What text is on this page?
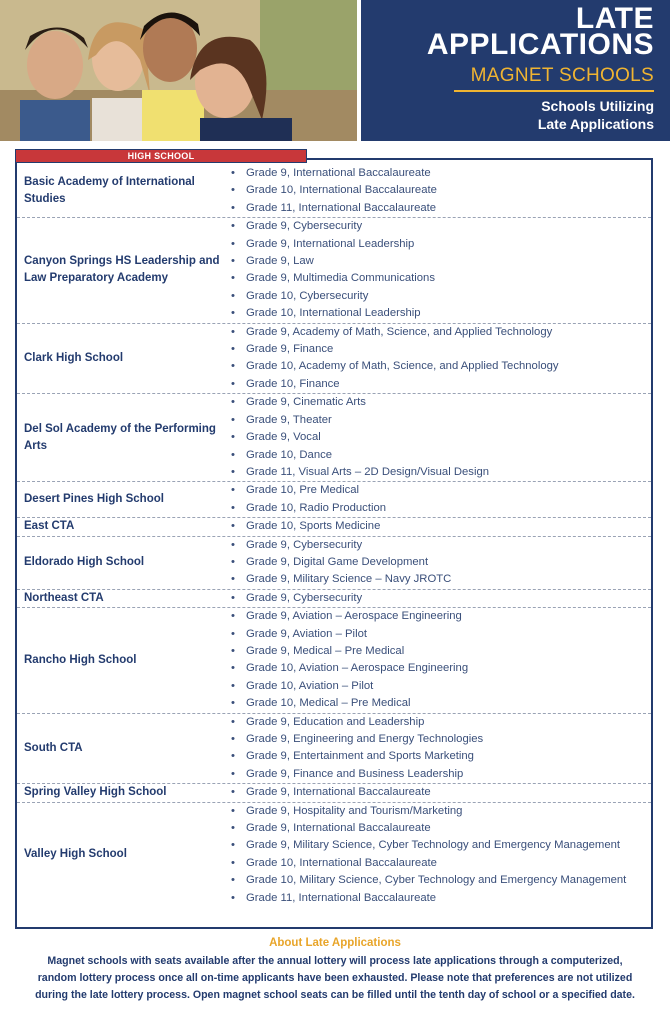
LATE
APPLICATIONS
MAGNET SCHOOLS
Schools Utilizing
Late Applications
HIGH SCHOOL
Basic Academy of International Studies
• Grade 9, International Baccalaureate
• Grade 10, International Baccalaureate
• Grade 11, International Baccalaureate
Canyon Springs HS Leadership and Law Preparatory Academy
• Grade 9, Cybersecurity
• Grade 9, International Leadership
• Grade 9, Law
• Grade 9, Multimedia Communications
• Grade 10, Cybersecurity
• Grade 10, International Leadership
Clark High School
• Grade 9, Academy of Math, Science, and Applied Technology
• Grade 9, Finance
• Grade 10, Academy of Math, Science, and Applied Technology
• Grade 10, Finance
Del Sol Academy of the Performing Arts
• Grade 9, Cinematic Arts
• Grade 9, Theater
• Grade 9, Vocal
• Grade 10, Dance
• Grade 11, Visual Arts – 2D Design/Visual Design
Desert Pines High School
• Grade 10, Pre Medical
• Grade 10, Radio Production
East CTA	• Grade 10, Sports Medicine
Eldorado High School
• Grade 9, Cybersecurity
• Grade 9, Digital Game Development
• Grade 9, Military Science – Navy JROTC
Northeast CTA	• Grade 9, Cybersecurity
Rancho High School
• Grade 9, Aviation – Aerospace Engineering
• Grade 9, Aviation – Pilot
• Grade 9, Medical – Pre Medical
• Grade 10, Aviation – Aerospace Engineering
• Grade 10, Aviation – Pilot
• Grade 10, Medical – Pre Medical
South CTA
• Grade 9, Education and Leadership
• Grade 9, Engineering and Energy Technologies
• Grade 9, Entertainment and Sports Marketing
• Grade 9, Finance and Business Leadership
Spring Valley High School	• Grade 9, International Baccalaureate
Valley High School
• Grade 9, Hospitality and Tourism/Marketing
• Grade 9, International Baccalaureate
• Grade 9, Military Science, Cyber Technology and Emergency Management
• Grade 10, International Baccalaureate
• Grade 10, Military Science, Cyber Technology and Emergency Management
• Grade 11, International Baccalaureate
About Late Applications
Magnet schools with seats available after the annual lottery will process late applications through a computerized, random lottery process once all on-time applicants have been exhausted. Please note that preferences are not utilized during the late lottery process. Open magnet school seats can be filled until the tenth day of school or a specified date.
